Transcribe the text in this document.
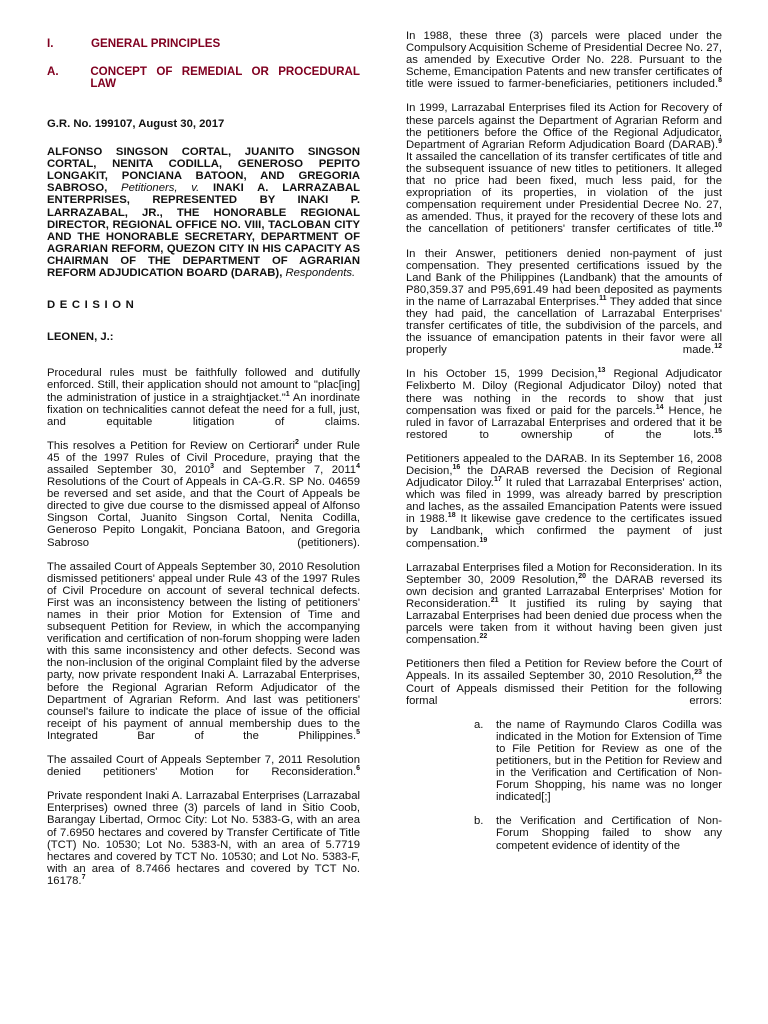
I.	GENERAL PRINCIPLES
A.	CONCEPT OF REMEDIAL OR PROCEDURAL LAW

G.R. No. 199107, August 30, 2017

ALFONSO SINGSON CORTAL, JUANITO SINGSON CORTAL, NENITA CODILLA, GENEROSO PEPITO LONGAKIT, PONCIANA BATOON, AND GREGORIA SABROSO, Petitioners, v. INAKI A. LARRAZABAL ENTERPRISES, REPRESENTED BY INAKI P. LARRAZABAL, JR., THE HONORABLE REGIONAL DIRECTOR, REGIONAL OFFICE NO. VIII, TACLOBAN CITY AND THE HONORABLE SECRETARY, DEPARTMENT OF AGRARIAN REFORM, QUEZON CITY IN HIS CAPACITY AS CHAIRMAN OF THE DEPARTMENT OF AGRARIAN REFORM ADJUDICATION BOARD (DARAB), Respondents.

DECISION

LEONEN, J.:

Procedural rules must be faithfully followed and dutifully enforced. Still, their application should not amount to "plac[ing] the administration of justice in a straightjacket."$^1$ An inordinate fixation on technicalities cannot defeat the need for a full, just, and equitable litigation of claims.

This resolves a Petition for Review on Certiorari$^2$ under Rule 45 of the 1997 Rules of Civil Procedure, praying that the assailed September 30, 2010$^3$ and September 7, 2011$^4$ Resolutions of the Court of Appeals in CA-G.R. SP No. 04659 be reversed and set aside, and that the Court of Appeals be directed to give due course to the dismissed appeal of Alfonso Singson Cortal, Juanito Singson Cortal, Nenita Codilla, Generoso Pepito Longakit, Ponciana Batoon, and Gregoria Sabroso (petitioners).

The assailed Court of Appeals September 30, 2010 Resolution dismissed petitioners' appeal under Rule 43 of the 1997 Rules of Civil Procedure on account of several technical defects. First was an inconsistency between the listing of petitioners' names in their prior Motion for Extension of Time and subsequent Petition for Review, in which the accompanying verification and certification of non-forum shopping were laden with this same inconsistency and other defects. Second was the non-inclusion of the original Complaint filed by the adverse party, now private respondent Inaki A. Larrazabal Enterprises, before the Regional Agrarian Reform Adjudicator of the Department of Agrarian Reform. And last was petitioners' counsel's failure to indicate the place of issue of the official receipt of his payment of annual membership dues to the Integrated Bar of the Philippines.$^5$

The assailed Court of Appeals September 7, 2011 Resolution denied petitioners' Motion for Reconsideration.$^6$

Private respondent Inaki A. Larrazabal Enterprises (Larrazabal Enterprises) owned three (3) parcels of land in Sitio Coob, Barangay Libertad, Ormoc City: Lot No. 5383-G, with an area of 7.6950 hectares and covered by Transfer Certificate of Title (TCT) No. 10530; Lot No. 5383-N, with an area of 5.7719 hectares and covered by TCT No. 10530; and Lot No. 5383-F, with an area of 8.7466 hectares and covered by TCT No. 16178.$^7$

In 1988, these three (3) parcels were placed under the Compulsory Acquisition Scheme of Presidential Decree No. 27, as amended by Executive Order No. 228. Pursuant to the Scheme, Emancipation Patents and new transfer certificates of title were issued to farmer-beneficiaries, petitioners included.$^8$

In 1999, Larrazabal Enterprises filed its Action for Recovery of these parcels against the Department of Agrarian Reform and the petitioners before the Office of the Regional Adjudicator, Department of Agrarian Reform Adjudication Board (DARAB).$^9$ It assailed the cancellation of its transfer certificates of title and the subsequent issuance of new titles to petitioners. It alleged that no price had been fixed, much less paid, for the expropriation of its properties, in violation of the just compensation requirement under Presidential Decree No. 27, as amended. Thus, it prayed for the recovery of these lots and the cancellation of petitioners' transfer certificates of title.$^{10}$

In their Answer, petitioners denied non-payment of just compensation. They presented certifications issued by the Land Bank of the Philippines (Landbank) that the amounts of P80,359.37 and P95,691.49 had been deposited as payments in the name of Larrazabal Enterprises.$^{11}$ They added that since they had paid, the cancellation of Larrazabal Enterprises' transfer certificates of title, the subdivision of the parcels, and the issuance of emancipation patents in their favor were all properly made.$^{12}$

In his October 15, 1999 Decision,$^{13}$ Regional Adjudicator Felixberto M. Diloy (Regional Adjudicator Diloy) noted that there was nothing in the records to show that just compensation was fixed or paid for the parcels.$^{14}$ Hence, he ruled in favor of Larrazabal Enterprises and ordered that it be restored to ownership of the lots.$^{15}$

Petitioners appealed to the DARAB. In its September 16, 2008 Decision,$^{16}$ the DARAB reversed the Decision of Regional Adjudicator Diloy.$^{17}$ It ruled that Larrazabal Enterprises' action, which was filed in 1999, was already barred by prescription and laches, as the assailed Emancipation Patents were issued in 1988.18 It likewise gave credence to the certificates issued by Landbank, which confirmed the payment of just compensation.$^{19}$

Larrazabal Enterprises filed a Motion for Reconsideration. In its September 30, 2009 Resolution,$^{20}$ the DARAB reversed its own decision and granted Larrazabal Enterprises' Motion for Reconsideration.$^{21}$ It justified its ruling by saying that Larrazabal Enterprises had been denied due process when the parcels were taken from it without having been given just compensation.$^{22}$

Petitioners then filed a Petition for Review before the Court of Appeals. In its assailed September 30, 2010 Resolution,$^{23}$ the Court of Appeals dismissed their Petition for the following formal errors:

a.	the name of Raymundo Claros Codilla was indicated in the Motion for Extension of Time to File Petition for Review as one of the petitioners, but in the Petition for Review and in the Verification and Certification of Non-Forum Shopping, his name was no longer indicated[;]
b.	the Verification and Certification of Non-Forum Shopping failed to show any competent evidence of identity of the
